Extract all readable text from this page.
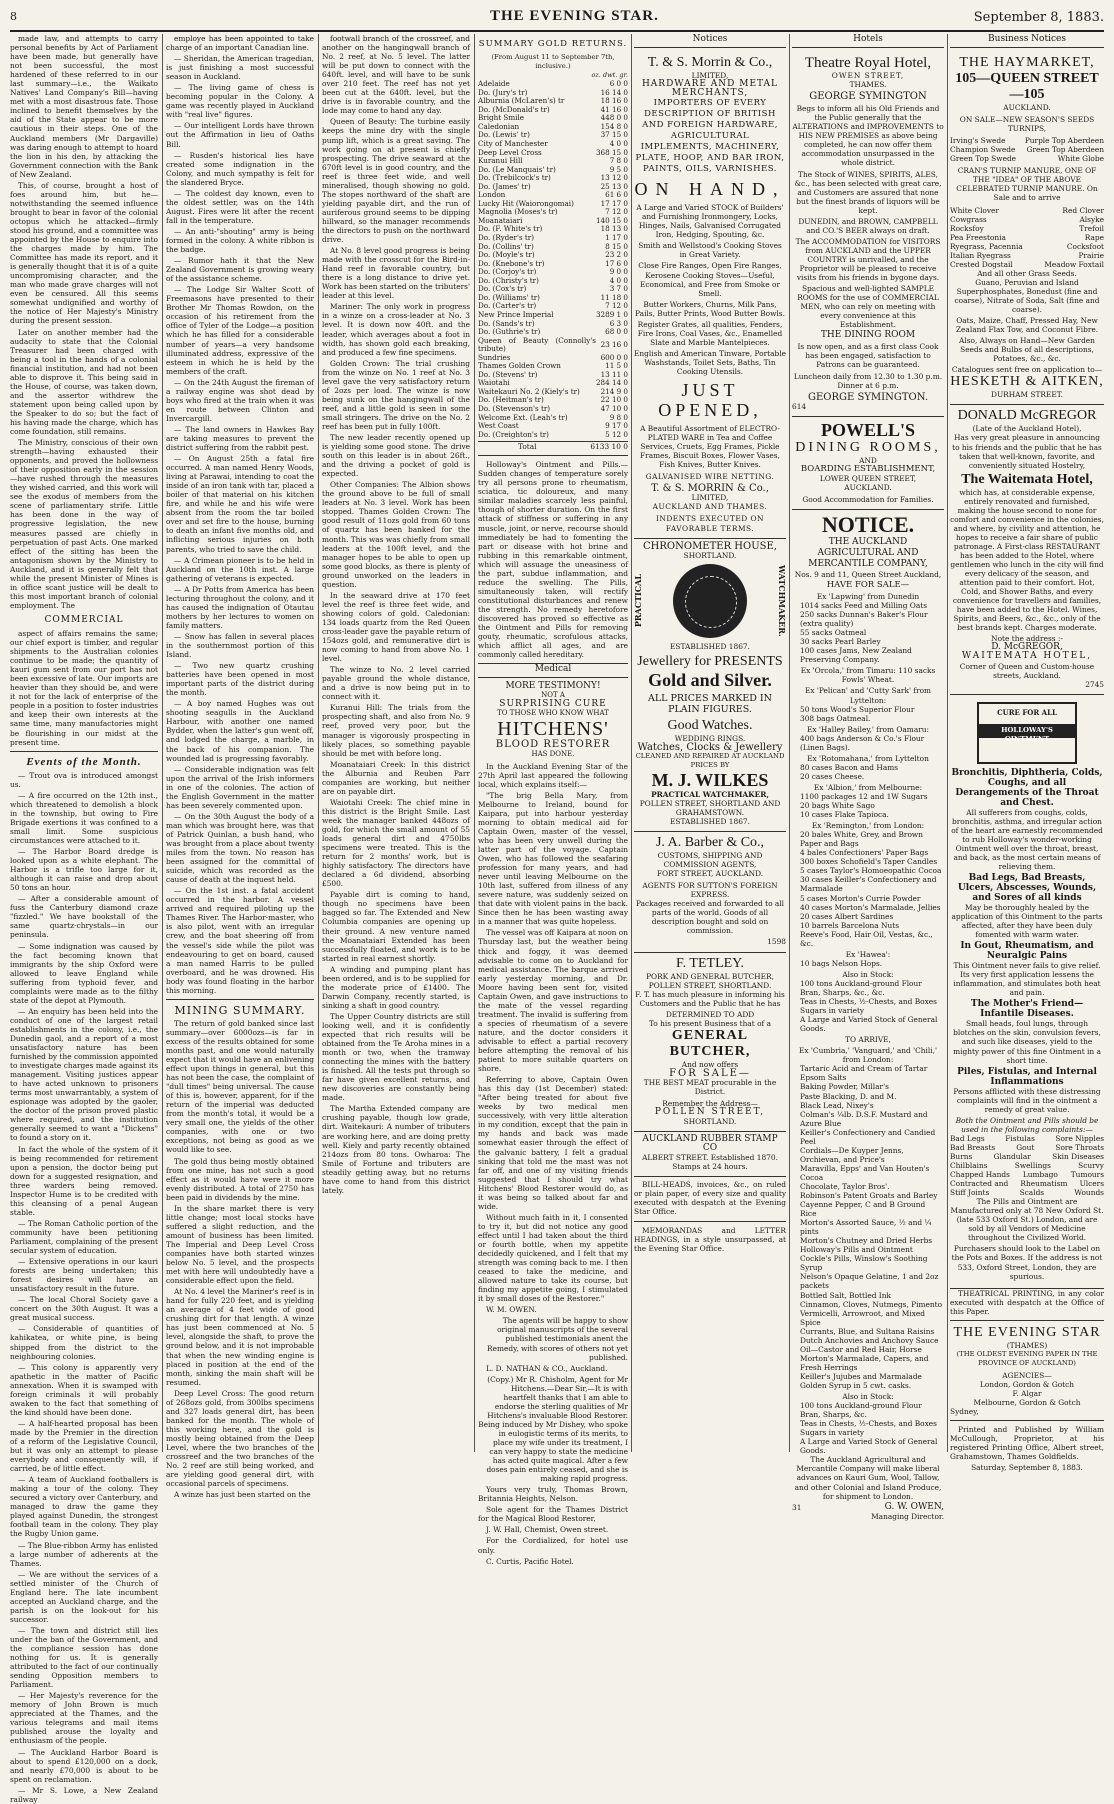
8	THE EVENING STAR.	September 8, 1883.

made law, and attempts to carry personal benefits by Act of Parliament have been made, but generally have not been successful, the most hardened of these referred to in our last summary—i.e., the Waikato Natives' Land Company's Bill—having met with a most disastrous fate. Those inclined to benefit themselves by the aid of the State appear to be more cautious in their steps. One of the Auckland members (Mr Dargaville) was daring enough to attempt to hoard the lion in his den, by attacking the Government connection with the Bank of New Zealand.

This, of course, brought a host of foes around him, but he—notwithstanding the seemed influence brought to bear in favor of the colonial octopus which he attacked—firmly stood his ground, and a committee was appointed by the House to enquire into the charges made by him. The Committee has made its report, and it is generally thought that it is of a quite uncompromising character, and the man who made grave charges will not even be censured. All this seems somewhat undignified and worthy of the notice of Her Majesty's Ministry during the present session.

Later on another member had the audacity to state that the Colonial Treasurer had been charged with being a tool in the hands of a colonial financial institution, and had not been able to disprove it. This being said in the House, of course, was taken down, and the assertor withdrew the statement upon being called upon by the Speaker to do so; but the fact of his having made the charge, which has come foundation, still remains.

The Ministry, conscious of their own strength—having exhausted their opponents, and proved the hollowness of their opposition early in the session—have rushed through the measures they wished carried, and this work will see the exodus of members from the scene of parliamentary strife. Little has been done in the way of progressive legislation, the new measures passed are chiefly in perpetuation of past Acts. One marked effect of the sitting has been the antagonism shown by the Ministry to Auckland, and it is generally felt that while the present Minister of Mines is in office scant justice will be dealt to this most important branch of colonial employment. The

COMMERCIAL

aspect of affairs remains the same; our chief export is timber, and regular shipments to the Australian colonies continue to be made; the quantity of kauri gum sent from our port has not been excessive of late. Our imports are heavier than they should be, and were it not for the lack of enterprise of the people in a position to foster industries and keep their own interests at the same time, many manufactories might be flourishing in our midst at the present time.

Events of the Month.

— Trout ova is introduced amongst us.

— A fire occurred on the 12th inst., which threatened to demolish a block in the township, but owing to Fire Brigade exertions it was confined to a small limit. Some suspicious circumstances were attached to it.

— The Harbor Board dredge is looked upon as a white elephant. The Harbor is a trifle too large for it, although it can raise and drop about 50 tons an hour.

— After a considerable amount of fuss the Canterbury diamond craze "fizzled." We have bookstall of the same quartz-chrystals—in our peninsula.

— Some indignation was caused by the fact becoming known that immigrants by the ship Oxford were allowed to leave England while suffering from typhoid fever, and complaints were made as to the filthy state of the depot at Plymouth.

— An enquiry has been held into the conduct of one of the largest retail establishments in the colony, i.e., the Dunedin gaol, and a report of a most unsatisfactory nature has been furnished by the commission appointed to investigate charges made against its management. Visiting justices appear to have acted unknown to prisoners terms most unwarrantably, a system of espionage was adopted by the gaoler, the doctor of the prison proved plastic where required, and the institution generally seemed to want a "Dickens" to found a story on it.

In fact the whole of the system of it is being recommended for retirement upon a pension, the doctor being put down for a suggested resignation, and three warders being removed. Inspector Hume is to be credited with this cleansing of a penal Augean stable.

— The Roman Catholic portion of the community have been petitioning Parliament, complaining of the present secular system of education.

— Extensive operations in our kauri forests are being undertaken; this forest desires will have an unsatisfactory result in the future.

— The local Choral Society gave a concert on the 30th August. It was a great musical success.

— Considerable of quantities of kahikatea, or white pine, is being shipped from the district to the neighbouring colonies.

— This colony is apparently very apathetic in the matter of Pacific annexation. When it is swamped with foreign criminals it will probably awaken to the fact that something of the kind should have been done.

— A half-hearted proposal has been made by the Premier in the direction of a reform of the Legislative Council, but it was only an attempt to please everybody and consequently will, if carried, be of little effect.

— A team of Auckland footballers is making a tour of the colony. They secured a victory over Canterbury, and managed to draw the game they played against Dunedin, the strongest football team in the colony. They play the Rugby Union game.

— The Blue-ribbon Army has enlisted a large number of adherents at the Thames.

— We are without the services of a settled minister of the Church of England here. The late incumbent accepted an Auckland charge, and the parish is on the look-out for his successor.

— The town and district still lies under the ban of the Government, and the compliance session has done nothing for us. It is generally attributed to the fact of our continually sending Opposition members to Parliament.

— Her Majesty's reverence for the memory of John Brown is much appreciated at the Thames, and the various telegrams and mail items published arouse the loyalty and enthusiasm of the people.

— The Auckland Harbor Board is about to spend £120,000 on a dock, and nearly £70,000 is about to be spent on reclamation.

— Mr S. Lowe, a New Zealand railway

employe has been appointed to take charge of an important Canadian line.

— Sheridan, the American tragedian, is just finishing a most successful season in Auckland.

— The living game of chess is becoming popular in the Colony. A game was recently played in Auckland with "real live" figures.

— Our intelligent Lords have thrown out the Affirmation in lieu of Oaths Bill.

— Rusden's historical lies have created some indignation in the Colony, and much sympathy is felt for the slandered Bryce.

— The coldest day known, even to the oldest settler, was on the 14th August. Fires were lit after the recent fall in the temperature.

— An anti-"shouting" army is being formed in the colony. A white ribbon is the badge.

— Rumor hath it that the New Zealand Government is growing weary of the assistance scheme.

— The Lodge Sir Walter Scott of Freemasons have presented to their Brother Mr Thomas Rowdon, on the occasion of his retirement from the office of Tyler of the Lodge—a position which he has filled for a considerable number of years—a very handsome illuminated address, expressive of the esteem in which he is held by the members of the craft.

— On the 24th August the fireman of a railway engine was shot dead by boys who fired at the train when it was en route between Clinton and Invercargill.

— The land owners in Hawkes Bay are taking measures to prevent the district suffering from the rabbit pest.

— On August 25th a fatal fire occurred. A man named Henry Woods, living at Parawai, intending to coat the inside of an iron tank with tar, placed a boiler of that material on his kitchen fire, and while he and his wife were absent from the room the tar boiled over and set fire to the house, burning to death an infant five months old, and inflicting serious injuries on both parents, who tried to save the child.

— A Crimean pioneer is to be held in Auckland on the 10th inst. A large gathering of veterans is expected.

— A Dr Potts from America has been lecturing throughout the colony, and it has caused the indignation of Otautau mothers by her lectures to women on family matters.

— Snow has fallen in several places in the southernmost portion of this Island.

— Two new quartz crushing batteries have been opened in most important parts of the district during the month.

— A boy named Hughes was out shooting seagulls in the Auckland Harbour, with another one named Bydder, when the latter's gun went off, and lodged the charge, a marble, in the back of his companion. The wounded lad is progressing favorably.

— Considerable indignation was felt upon the arrival of the Irish informers in one of the colonies. The action of the English Government in the matter has been severely commented upon.

— On the 30th August the body of a man which was brought here, was that of Patrick Quinlan, a bush hand, who was brought from a place about twenty miles from the town. No reason has been assigned for the committal of suicide, which was recorded as the cause of death at the inquest held.

— On the 1st inst. a fatal accident occurred in the harbor. A vessel arrived and required piloting up the Thames River. The Harbor-master, who is also pilot, went with an irregular crew, and the boat sheering off from the vessel's side while the pilot was endeavouring to get on board, caused a man named Harris to be pulled overboard, and he was drowned. His body was found floating in the harbor this morning.

MINING SUMMARY.

The return of gold banked since last summary—over 6000ozs—is far in excess of the results obtained for some months past, and one would naturally expect that it would have an enlivening effect upon things in general, but this has not been the case, the complaint of "dull times" being universal. The cause of this is, however, apparent, for if the return of the imperial was deducted from the month's total, it would be a very small one, the yields of the other companies, with one or two exceptions, not being as good as we would like to see.

The gold thus being mostly obtained from one mine, has not such a good effect as it would have were it more evenly distributed. A total of 2750 has been paid in dividends by the mine.

In the share market there is very little change; most local stocks have suffered a slight reduction, and the amount of business has been limited. The Imperial and Deep Level Cross companies have both started winzes below No. 5 level, and the prospects met with here will undoubtedly have a considerable effect upon the field.

At No. 4 level the Mariner's reef is in hand for fully 220 feet, and is yielding an average of 4 feet wide of good crushing dirt for that length. A winze has just been commenced at No. 5 level, alongside the shaft, to prove the ground below, and it is not improbable that when the new winding engine is placed in position at the end of the month, sinking the main shaft will be resumed.

Deep Level Cross: The good return of 268ozs gold, from 300lbs specimens and 327 loads general dirt, has been banked for the month. The whole of this working here, and the gold is mostly being obtained from the Deep Level, where the two branches of the crossreef and the two branches of the No. 2 reef are still being worked, and are yielding good general dirt, with occasional parcels of specimens.

A winze has just been started on the

footwall branch of the crossreef, and another on the hangingwall branch of No. 2 reef, at No. 5 level. The latter will be put down to connect with the 640ft. level, and will have to be sunk over 210 feet. The reef has not yet been cut at the 640ft. level, but the drive is in favorable country, and the lode may come to hand any day.

Queen of Beauty: The turbine easily keeps the mine dry with the single pump lift, which is a great saving. The work going on at present is chiefly prospecting. The drive seaward at the 670ft level is in good country, and the reef is three feet wide, and well mineralised, though showing no gold. The stopes northward of the shaft are yielding payable dirt, and the run of auriferous ground seems to be dipping hillward, so the manager recommends the directors to push on the northward drive.

At No. 8 level good progress is being made with the crosscut for the Bird-in-Hand reef in favorable country, but there is a long distance to drive yet. Work has been started on the tributers' leader at this level.

Mariner: The only work in progress in a winze on a cross-leader at No. 3 level. It is down now 40ft. and the leader, which averages about a foot in width, has shown gold each breaking, and produced a few fine specimens.

Golden Crown: The trial crushing from the winze on No. 1 reef at No. 3 level gave the very satisfactory return of 2ozs per load. The winze is now being sunk on the hangingwall of the reef, and a little gold is seen in some small stringers. The drive on the No. 2 reef has been put in fully 100ft.

The new leader recently opened up is yielding some good stone. The drive south on this leader is in about 26ft., and the driving a pocket of gold is expected.

Other Companies: The Albion shows the ground above to be full of small leaders at No. 3 level. Work has been stopped. Thames Golden Crown: The good result of 11ozs gold from 60 tons of quartz has been banked for the month. This was was chiefly from small leaders at the 100ft level, and the manager hopes to be able to open up some good blocks, as there is plenty of ground unworked on the leaders in question.

In the seaward drive at 170 feet level the reef is three feet wide, and showing colors of gold. Caledonian: 134 loads quartz from the Red Queen cross-leader gave the payable return of 154ozs gold, and remunerative dirt is now coming to hand from above No. 1 level.

The winze to No. 2 level carried payable ground the whole distance, and a drive is now being put in to connect with it.

Kuranui Hill: The trials from the prospecting shaft, and also from No. 9 reef, proved very poor, but the manager is vigorously prospecting in likely places, so something payable should be met with before long.

Moanataiari Creek: In this district the Alburnia and Reuben Parr companies are working, but neither are on payable dirt.

Waiotahi Creek: The chief mine in this district is the Bright Smile. Last week the manager banked 448ozs of gold, for which the small amount of 55 loads general dirt and 4750lbs specimens were treated. This is the return for 2 months' work, but is highly satisfactory. The directors have declared a 6d dividend, absorbing £500.

Payable dirt is coming to hand, though no specimens have been bagged so far. The Extended and New Columbia companies are opening up their ground. A new venture named the Moanataiari Extended has been successfully floated, and work is to be started in real earnest shortly.

A winding and pumping plant has been ordered, and is to be supplied for the moderate price of £1400. The Darwin Company, recently started, is sinking a shaft in good country.

The Upper Country districts are still looking well, and it is confidently expected that rich results will be obtained from the Te Aroha mines in a month or two, when the tramway connecting the mines with the battery is finished. All the tests put through so far have given excellent returns, and new discoveries are constantly being made.

The Martha Extended company are crushing payable, though low grade, dirt. Waitekauri: A number of tributers are working here, and are doing pretty well. Kiely and party recently obtained 214ozs from 80 tons. Owharoa: The Smile of Fortune and tributers are steadily getting away, but no returns have come to hand from this district lately.

SUMMARY GOLD RETURNS.
(From August 11 to September 7th, inclusive.)
oz. dwt. gr.
Adelaide	6 0 0
Do. (Jury's tr)	16 14 0
Alburnia (McLaren's) tr	18 16 0
Do. (McDonald's tr)	41 16 0
Bright Smile	448 0 0
Caledonian	154 8 0
Do. (Lewis' tr)	37 15 0
City of Manchester	4 0 0
Deep Level Cross	368 15 0
Kuranui Hill	7 8 0
Do. (Le Manquais' tr)	9 5 0
Do. (Trebilcock's tr)	13 12 0
Do. (James' tr)	25 13 0
London	61 6 0
Lucky Hit (Waiorongomai)	17 17 0
Magnolia (Moses's tr)	7 12 0
Moanataiari	140 15 0
Do. (F. White's tr)	18 13 0
Do. (Ryder's tr)	1 17 0
Do. (Collins' tr)	8 15 0
Do. (Moyle's tr)	23 2 0
Do. (Knebone's tr)	17 6 0
Do. (Corjoy's tr)	9 0 0
Do. (Christy's tr)	4 0 0
Do. (Cox's tr)	3 7 0
Do. (Williams' tr)	11 18 0
Do. (Carter's tr)	7 12 0
New Prince Imperial	3289 1 0
Do. (Sands's tr)	6 3 0
Do. (Guthrie's tr)	68 0 0
Queen of Beauty (Connolly's tribute)	23 16 0
Sundries	600 0 0
Thames Golden Crown	11 5 0
Do. (Stevens' tr)	13 11 0
Waiotahi	284 14 0
Waitekauri No. 2 (Kiely's tr)	214 9 0
Do. (Heitman's tr)	22 10 0
Do. (Stevenson's tr)	47 10 0
Welcome Ext. (Leah's tr)	9 8 0
West Coast	9 17 0
Do. (Creighton's tr)	5 12 0
Total	6133 10 0

Holloway's Ointment and Pills.—Sudden changes of temperature sorely try all persons prone to rheumatism, sciatica, tic doloureux, and many similar maladies scarcely less painful, though of shorter duration. On the first attack of stiffness or suffering in any muscle, joint, or nerve, recourse should immediately be had to fomenting the part or disease with hot brine and rubbing in this remarkable ointment, which will assuage the uneasiness of the part, subdue inflammation, and reduce the swelling. The Pills, simultaneously taken, will rectify constitutional disturbances and renew the strength. No remedy heretofore discovered has proved so effective as the Ointment and Pills for removing gouty, rheumatic, scrofulous attacks, which afflict all ages, and are commonly called hereditary.

Medical
MORE TESTIMONY!
NOT A
SURPRISING CURE
TO THOSE WHO KNOW WHAT
HITCHENS'
BLOOD RESTORER
HAS DONE.

In the Auckland Evening Star of the 27th April last appeared the following local, which explains itself:—

"The brig Bella Mary, from Melbourne to Ireland, bound for Kaipara, put into harbour yesterday morning to obtain medical aid for Captain Owen, master of the vessel, who has been very unwell during the latter part of the voyage. Captain Owen, who has followed the seafaring profession for many years, and had never until leaving Melbourne on the 10th last, suffered from illness of any severe nature, was suddenly seized on that date with violent pains in the back. Since then he has been wasting away in a manner that was quite hopeless.

The vessel was off Kaipara at noon on Thursday last, but the weather being thick and foggy, it was deemed advisable to come on to Auckland for medical assistance. The barque arrived early yesterday morning, and Dr. Moore having been sent for, visited Captain Owen, and gave instructions to the mate of the vessel regarding treatment. The invalid is suffering from a species of rheumatism of a severe nature, and the doctor considers it advisable to effect a partial recovery before attempting the removal of his patient to more suitable quarters on shore.

Referring to above, Captain Owen has this day (1st December) stated: "After being treated for about five weeks by two medical men successively, with very little alteration in my condition, except that the pain in my hands and back was made somewhat easier through the effect of the galvanic battery, I felt a gradual sinking that told me the mast was not far off, and one of my visiting friends suggested that I should try what Hitchens' Blood Restorer would do, as it was being so talked about far and wide.

Without much faith in it, I consented to try it, but did not notice any good effect until I had taken about the third or fourth bottle, when my appetite decidedly quickened, and I felt that my strength was coming back to me. I then ceased to take the medicine, and allowed nature to take its course, but finding my appetite going, I stimulated it by small doses of the Restorer."

W. M. OWEN.

The agents will be happy to show original manuscripts of the several published testimonials anent the Remedy, with scores of others not yet published.

L. D. NATHAN & CO., Auckland.

(Copy.) Mr R. Chisholm, Agent for Mr Hitchens.—Dear Sir,—It is with heartfelt thanks that I am able to endorse the sterling qualities of Mr Hitchens's invaluable Blood Restorer. Being induced by Mr Dishey, who spoke in eulogistic terms of its merits, to place my wife under its treatment, I can very happy to state the medicine has acted quite magical. After a few doses pain entirely ceased, and she is making rapid progress.

Yours very truly, Thomas Brown, Britannia Heights, Nelson.

Sole agent for the Thames District for the Magical Blood Restorer,

J. W. Hall, Chemist, Owen street.

For the Cordialized, for hotel use only.

C. Curtis, Pacific Hotel.

Notices
T. & S. Morrin & Co.,
LIMITED,
HARDWARE AND METAL MERCHANTS,
IMPORTERS OF EVERY DESCRIPTION OF BRITISH AND FOREIGN HARDWARE, AGRICULTURAL IMPLEMENTS, MACHINERY, PLATE, HOOP, AND BAR IRON, PAINTS, OILS, VARNISHES.
ON HAND,

A Large and Varied STOCK of Builders' and Furnishing Ironmongery, Locks, Hinges, Nails, Galvanised Corrugated Iron, Hedging, Spouting, &c.

Smith and Wellstood's Cooking Stoves in Great Variety.

Close Fire Ranges, Open Fire Ranges, Kerosene Cooking Stoves—Useful, Economical, and Free from Smoke or Smell.

Butter Workers, Churns, Milk Pans, Pails, Butter Prints, Wood Butter Bowls.

Register Grates, all qualities, Fenders, Fire Irons, Coal Vases, &c., Enamelled Slate and Marble Mantelpieces.

English and American Tinware, Portable Washstands, Toilet Sets, Baths, Tin Cooking Utensils.

JUST OPENED,

A Beautiful Assortment of ELECTRO-PLATED WARE in Tea and Coffee Services, Cruets, Egg Frames, Pickle Frames, Biscuit Boxes, Flower Vases, Fish Knives, Butter Knives.

GALVANISED WIRE NETTING.
T. & S. MORRIN & Co.,
LIMITED,
AUCKLAND AND THAMES.
INDENTS EXECUTED ON FAVORABLE TERMS.
CHRONOMETER HOUSE,
SHORTLAND.
PRACTICAL	WATCHMAKER.
ESTABLISHED 1867.
Jewellery for PRESENTS
Gold and Silver.
ALL PRICES MARKED IN PLAIN FIGURES.
Good Watches.
WEDDING RINGS.
Watches, Clocks & Jewellery
CLEANED AND REPAIRED AT AUCKLAND PRICES BY
M. J. WILKES
PRACTICAL WATCHMAKER,
POLLEN STREET, SHORTLAND AND GRAHAMSTOWN.
ESTABLISHED 1867.
J. A. Barber & Co.,
CUSTOMS, SHIPPING AND COMMISSION AGENTS,
FORT STREET, AUCKLAND.
AGENTS FOR SUTTON'S FOREIGN EXPRESS.

Packages received and forwarded to all parts of the world. Goods of all description bought and sold on commission.

1598
F. TETLEY.
PORK AND GENERAL BUTCHER,
POLLEN STREET, SHORTLAND.

F. T. has much pleasure in informing his Customers and the Public that he has

DETERMINED TO ADD
To his present Business that of a
GENERAL BUTCHER,
And now offers
FOR SALE—
THE BEST MEAT procurable in the District.
Remember the Address—
POLLEN STREET,
SHORTLAND.
AUCKLAND RUBBER STAMP CO
ALBERT STREET. Established 1870. Stamps at 24 hours.

BILL-HEADS, invoices, &c., on ruled or plain paper, of every size and quality executed with despatch at the Evening Star Office.

MEMORANDAS and LETTER HEADINGS, in a style unsurpassed, at the Evening Star Office.

Hotels
Theatre Royal Hotel,
OWEN STREET,
THAMES.
GEORGE SYMINGTON

Begs to inform all his Old Friends and the Public generally that the ALTERATIONS and IMPROVEMENTS to HIS NEW PREMISES as above being completed, he can now offer them accommodation unsurpassed in the whole district.

The Stock of WINES, SPIRITS, ALES, &c., has been selected with great care, and Customers are assured that none but the finest brands of liquors will be kept.

DUNEDIN, and BROWN, CAMPBELL and CO.'S BEER always on draft.

The ACCOMMODATION for VISITORS from AUCKLAND and the UPPER COUNTRY is unrivalled, and the Proprietor will be pleased to receive visits from his friends in bygone days.

Spacious and well-lighted SAMPLE ROOMS for the use of COMMERCIAL MEN, who can rely on meeting with every convenience at this Establishment.

THE DINING ROOM

Is now open, and as a first class Cook has been engaged, satisfaction to Patrons can be guaranteed.

Luncheon daily from 12.30 to 1.30 p.m.
Dinner at 6 p.m.
GEORGE SYMINGTON.
614
POWELL'S
DINING ROOMS,
AND
BOARDING ESTABLISHMENT,
LOWER QUEEN STREET,
AUCKLAND.
Good Accommodation for Families.
NOTICE.
THE AUCKLAND AGRICULTURAL AND MERCANTILE COMPANY,
Nos. 9 and 11, Queen Street Auckland,
HAVE FOR SALE—
Ex 'Lapwing' from Dunedin
1014 sacks Feed and Milling Oats
250 sacks Dunnan's Baker's Flour (extra quality)
55 sacks Oatmeal
30 sacks Pearl Barley
100 cases Jams, New Zealand Preserving Company.
Ex 'Orcola,' from Timaru: 110 sacks Fowls' Wheat.
Ex 'Pelican' and 'Cutty Sark' from Lyttelton:
50 tons Wood's Superior Flour
308 bags Oatmeal.
Ex 'Halley Bailey,' from Oamaru:
400 bags Anderson & Co.'s Flour (Linen Bags).
Ex 'Rotomahana,' from Lyttelton
80 cases Bacon and Hams
20 cases Cheese.
Ex 'Albion,' from Melbourne:
1100 packages 12 and 1W Sugars
20 bags White Sago
10 cases Flake Tapioca.
Ex 'Remington,' from London:
20 bales White, Grey, and Brown Paper and Bags
4 bales Confectioners' Paper Bags
300 boxes Schofield's Taper Candles
5 cases Taylor's Homoeopathic Cocoa
30 cases Keiller's Confectionery and Marmalade
5 cases Morton's Currie Powder
40 cases Morton's Marmalade, Jellies
20 cases Albert Sardines
10 barrels Barcelona Nuts
Reeve's Food, Hair Oil, Vestas, &c., &c.
Ex 'Hawea':
10 bags Nelson Hops.
Also in Stock:
100 tons Auckland-ground Flour
Bran, Sharps, &c., &c.
Teas in Chests, ½-Chests, and Boxes
Sugars in variety
A Large and Varied Stock of General Goods.
TO ARRIVE,
Ex 'Cumbria,' 'Vanguard,' and 'Chili,' from London:
Tartaric Acid and Cream of Tartar
Epsom Salts
Baking Powder, Millar's
Paste Blacking, D. and M.
Black Lead, Nixey's
Colman's ¼lb. D.S.F. Mustard and Azure Blue
Keiller's Confectionery and Candied Peel
Cordials—De Kuyper Jenns, Orchievan, and Price's
Maravilla, Epps' and Van Houten's Cocoa
Chocolate, Taylor Bros'.
Robinson's Patent Groats and Barley
Cayenne Pepper, C and B Ground Rice
Morton's Assorted Sauce, ½ and ¼ pints
Morton's Chutney and Dried Herbs
Holloway's Pills and Ointment
Cockle's Pills, Winslow's Soothing Syrup
Nelson's Opaque Gelatine, 1 and 2oz packets
Bottled Salt, Bottled Ink
Cinnamon, Cloves, Nutmegs, Pimento
Vermicelli, Arrowroot, and Mixed Spice
Currants, Blue, and Sultana Raisins
Dutch Anchovies and Anchovy Sauce
Oil—Castor and Red Hair, Horse
Morton's Marmalade, Capers, and Fresh Herrings
Keiller's Jujubes and Marmalade
Golden Syrup in 5 cwt. casks.
Also in Stock:
100 tons Auckland-ground Flour
Bran, Sharps, &c.
Teas in Chests, ½-Chests, and Boxes
Sugars in variety
A Large and Varied Stock of General Goods.

The Auckland Agricultural and Mercantile Company will make liberal advances on Kauri Gum, Wool, Tallow, and other Colonial and Island Produce, for shipment to London.

31	G. W. OWEN,
Managing Director.
Business Notices
THE HAYMARKET,
105—QUEEN STREET—105
AUCKLAND.
ON SALE—NEW SEASON'S SEEDS TURNIPS,
Irving's Swede	Purple Top Aberdeen
Champion Swede Green Top Aberdeen
Green Top Swede	White Globe
CRAN'S TURNIP MANURE, ONE OF THE "IDEA" OF THE ABOVE CELEBRATED TURNIP MANURE. On Sale and to arrive
White Clover	Red Clover
Cowgrass	Alsyke
Rocksfoy	Trefoil
Pea Freestonia	Rape
Ryegrass, Pacennia	Cocksfoot
Italian Ryegrass	Prairie
Crested Dogstail	Meadow Foxtail
And all other Grass Seeds.

Guano, Peruvian and Island Superphosphates, Bonedust (fine and coarse), Nitrate of Soda, Salt (fine and coarse).

Oats, Maize, Chaff, Pressed Hay, New Zealand Flax Tow, and Coconut Fibre.

Also, Always on Hand—New Garden Seeds and Bulbs of all descriptions, Potatoes, &c., &c.

Catalogues sent free on application to—
HESKETH & AITKEN,
DURHAM STREET.
DONALD McGREGOR
(Late of the Auckland Hotel),

Has very great pleasure in announcing to his friends and the public that he has taken that well-known, favorite, and conveniently situated Hostelry,

The Waitemata Hotel,

which has, at considerable expense, entirely renovated and furnished, making the house second to none for comfort and convenience in the colonies, and where, by civility and attention, he hopes to receive a fair share of public patronage. A First-class RESTAURANT has been added to the Hotel, where gentlemen who lunch in the city will find every delicacy of the season, and attention paid to their comfort. Hot, Cold, and Shower Baths, and every convenience for travellers and families, have been added to the Hotel. Wines, Spirits, and Beers, &c., &c., only of the best brands kept. Charges moderate.

Note the address :-
D. McGREGOR,
WAITEMATA HOTEL,
Corner of Queen and Custom-house streets, Auckland.
2745
CURE FOR ALL
HOLLOWAY'S OINTMENT
Bronchitis, Diphtheria, Colds, Coughs, and all Derangements of the Throat and Chest.

All sufferers from coughs, colds, bronchitis, asthma, and irregular action of the heart are earnestly recommended to rub Holloway's wonder-working Ointment well over the throat, breast, and back, as the most certain means of relieving them.

Bad Legs, Bad Breasts, Ulcers, Abscesses, Wounds, and Sores of all kinds

May be thoroughly healed by the application of this Ointment to the parts affected, after they have been duly fomented with warm water.

In Gout, Rheumatism, and Neuralgic Pains

This Ointment never fails to give relief. Its very first application lessens the inflammation, and stimulates both heat and pain.

The Mother's Friend—Infantile Diseases.

Small heads, foul lungs, through blotches on the skin, convulsion fevers, and such like diseases, yield to the mighty power of this fine Ointment in a short time.

Piles, Fistulas, and Internal Inflammations

Persons afflicted with these distressing complaints will find in the ointment a remedy of great value.

Both the Ointment and Pills should be used in the following complaints:—
Bad Legs	Fistulas	Sore Nipples
Bad Breasts	Gout	Sore Throats
Burns	Glandular	Skin Diseases
Chilblains	Swellings	Scurvy
Chapped Hands Lumbago Tumours
Contracted and Rheumatism Ulcers
Stiff Joints	Scalds	Wounds

The Pills and Ointment are Manufactured only at 78 New Oxford St. (late 533 Oxford St.) London, and are sold by all Vendors of Medicine throughout the Civilized World.

Purchasers should look to the Label on the Pots and Boxes. If the address is not 533, Oxford Street, London, they are spurious.

THEATRICAL PRINTING, in any color executed with despatch at the Office of this Paper.

THE EVENING STAR
(THAMES)
(THE OLDEST EVENING PAPER IN THE PROVINCE OF AUCKLAND)
AGENCIES—
London, Gordon & Gotch
F. Algar
Melbourne, Gordon & Gotch
Sydney,

Printed and Published by William McCullough, Proprietor, at his registered Printing Office, Albert street, Grahamstown, Thames Goldfields.

Saturday, September 8, 1883.
